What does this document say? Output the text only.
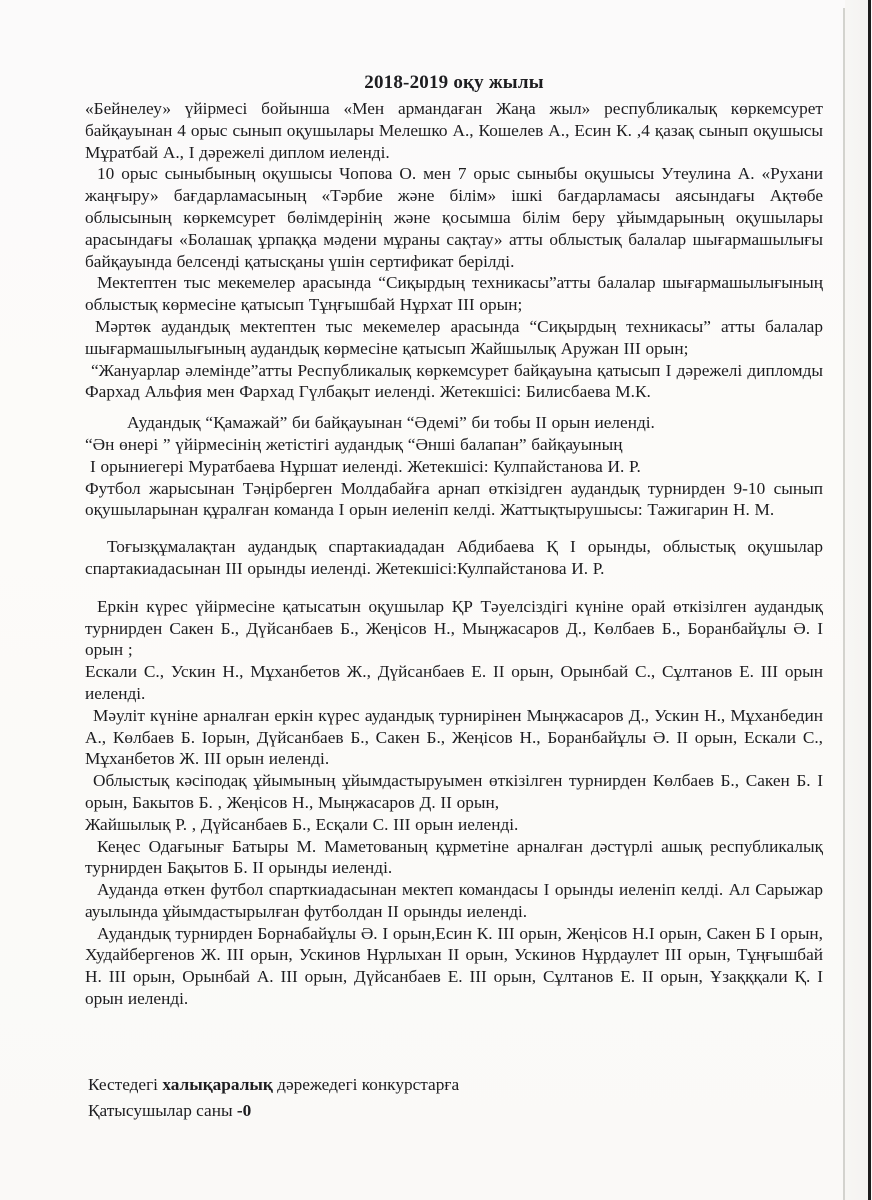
2018-2019 оқу жылы

«Бейнелеу» үйірмесі бойынша «Мен армандаған Жаңа жыл» республикалық көркемсурет байқауынан 4 орыс сынып оқушылары Мелешко А., Кошелев А., Есин К. ,4 қазақ сынып оқушысы Мұратбай А., І дәрежелі диплом иеленді.

10 орыс сыныбының оқушысы Чопова О. мен 7 орыс сыныбы оқушысы Утеулина А. «Рухани жаңғыру» бағдарламасының «Тәрбие және білім» ішкі бағдарламасы аясындағы Ақтөбе облысының көркемсурет бөлімдерінің және қосымша білім беру ұйымдарының оқушылары арасындағы «Болашақ ұрпаққа мәдени мұраны сақтау» атты облыстық балалар шығармашылығы байқауында белсенді қатысқаны үшін сертификат берілді.

Мектептен тыс мекемелер арасында “Сиқырдың техникасы”атты балалар шығармашылығының облыстық көрмесіне қатысып Тұңғышбай Нұрхат ІІІ орын;

Мәртөк аудандық мектептен тыс мекемелер арасында “Сиқырдың техникасы” атты балалар шығармашылығының аудандық көрмесіне қатысып Жайшылық Аружан ІІІ орын;

“Жануарлар әлемінде”атты Республикалық көркемсурет байқауына қатысып І дәрежелі дипломды Фархад Альфия мен Фархад Гүлбақыт иеленді. Жетекшісі: Билисбаева М.К.

Аудандық “Қамажай” би байқауынан “Әдемі” би тобы ІІ орын иеленді.

“Ән өнері ” үйірмесінің жетістігі аудандық “Әнші балапан” байқауының

І орыниегері Муратбаева Нұршат иеленді. Жетекшісі: Кулпайстанова И. Р.

Футбол жарысынан Тәңірберген Молдабайға арнап өткізідген аудандық турнирден 9-10 сынып оқушыларынан құралған команда І орын иеленіп келді. Жаттықтырушысы: Тажигарин Н. М.

Тоғызқұмалақтан аудандық спартакиададан Абдибаева Қ І орынды, облыстық оқушылар спартакиадасынан ІІІ орынды иеленді. Жетекшісі:Кулпайстанова И. Р.

Еркін күрес үйірмесіне қатысатын оқушылар ҚР Тәуелсіздігі күніне орай өткізілген аудандық турнирден Сакен Б., Дүйсанбаев Б., Жеңісов Н., Мыңжасаров Д., Көлбаев Б., Боранбайұлы Ә. І орын ;

Ескали С., Ускин Н., Мұханбетов Ж., Дүйсанбаев Е. ІІ орын, Орынбай С., Сұлтанов Е. ІІІ орын иеленді.

Мәуліт күніне арналған еркін күрес аудандық турнирінен Мыңжасаров Д., Ускин Н., Мұханбедин А., Көлбаев Б. Іорын, Дүйсанбаев Б., Сакен Б., Жеңісов Н., Боранбайұлы Ә. ІІ орын, Ескали С., Мұханбетов Ж. ІІІ орын иеленді.

Облыстық кәсіподақ ұйымының ұйымдастыруымен өткізілген турнирден Көлбаев Б., Сакен Б. І орын, Бакытов Б. , Жеңісов Н., Мыңжасаров Д. ІІ орын,

Жайшылық Р. , Дүйсанбаев Б., Есқали С. ІІІ орын иеленді.

Кеңес Одағынығ Батыры М. Маметованың құрметіне арналған дәстүрлі ашық республикалық турнирден Бақытов Б. ІІ орынды иеленді.

Ауданда өткен футбол спарткиадасынан мектеп командасы І орынды иеленіп келді. Ал Сарыжар ауылында ұйымдастырылған футболдан ІІ орынды иеленді.

Аудандық турнирден Борнабайұлы Ә. І орын,Есин К. ІІІ орын, Жеңісов Н.І орын, Сакен Б І орын, Худайбергенов Ж. ІІІ орын, Ускинов Нұрлыхан ІІ орын, Ускинов Нұрдаулет ІІІ орын, Тұңғышбай Н. ІІІ орын, Орынбай А. ІІІ орын, Дүйсанбаев Е. ІІІ орын, Сұлтанов Е. ІІ орын, Ұзақққали Қ. І орын иеленді.

Кестедегі халықаралық дәрежедегі конкурстарға

Қатысушылар саны -0
